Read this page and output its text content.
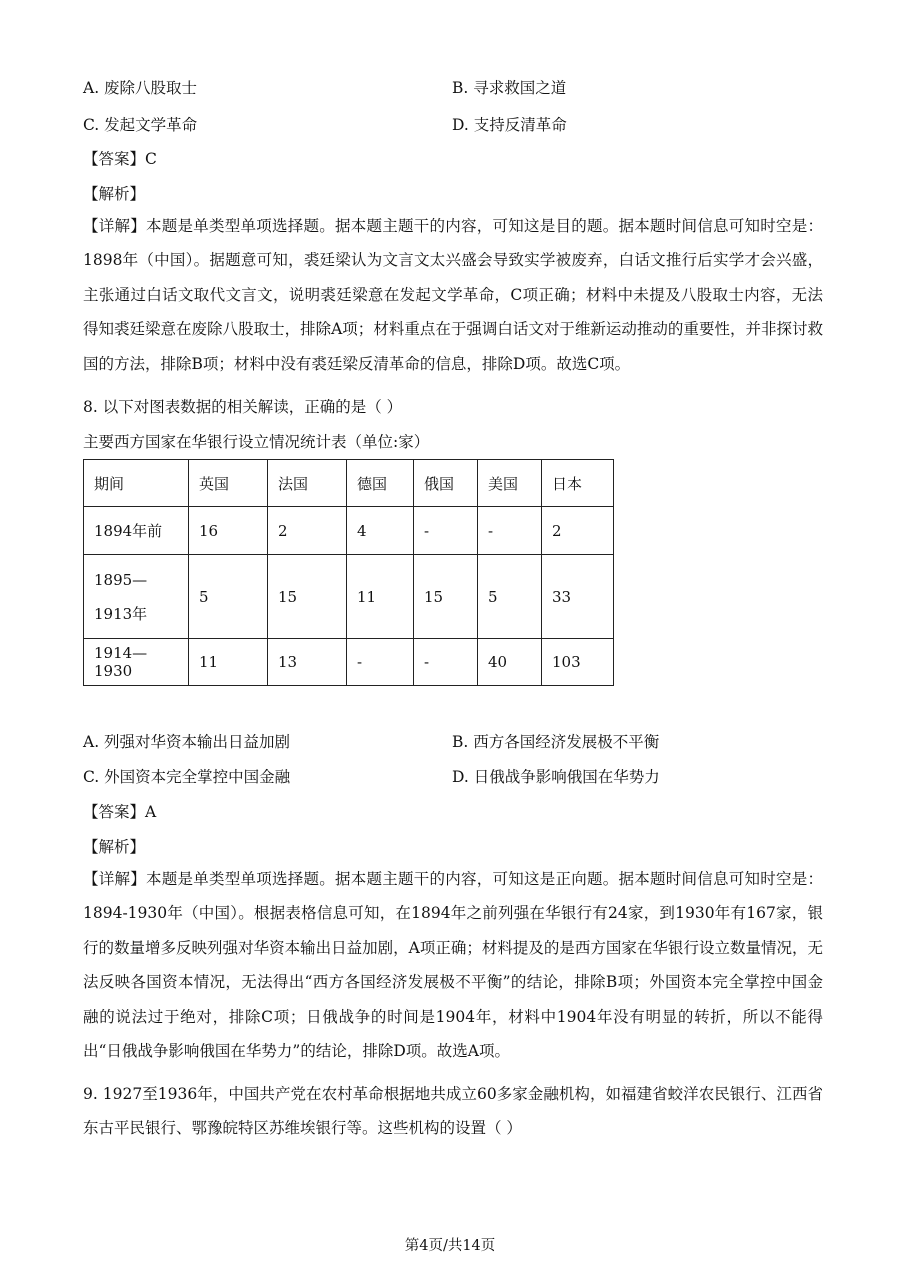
A. 废除八股取士	B. 寻求救国之道
C. 发起文学革命	D. 支持反清革命
【答案】C
【解析】
【详解】本题是单类型单项选择题。据本题主题干的内容，可知这是目的题。据本题时间信息可知时空是：1898年（中国）。据题意可知，裘廷梁认为文言文太兴盛会导致实学被废弃，白话文推行后实学才会兴盛，主张通过白话文取代文言文，说明裘廷梁意在发起文学革命，C项正确；材料中未提及八股取士内容，无法得知裘廷梁意在废除八股取士，排除A项；材料重点在于强调白话文对于维新运动推动的重要性，并非探讨救国的方法，排除B项；材料中没有裘廷梁反清革命的信息，排除D项。故选C项。
8. 以下对图表数据的相关解读，正确的是（ ）
主要西方国家在华银行设立情况统计表（单位:家）
期间	英国	法国	德国	俄国	美国	日本
1894年前	16	2	4	-	-	2
1895—1913年	5	15	11	15	5	33
1914—1930	11	13	-	-	40	103
A. 列强对华资本输出日益加剧	B. 西方各国经济发展极不平衡
C. 外国资本完全掌控中国金融	D. 日俄战争影响俄国在华势力
【答案】A
【解析】
【详解】本题是单类型单项选择题。据本题主题干的内容，可知这是正向题。据本题时间信息可知时空是：1894-1930年（中国）。根据表格信息可知，在1894年之前列强在华银行有24家，到1930年有167家，银行的数量增多反映列强对华资本输出日益加剧，A项正确；材料提及的是西方国家在华银行设立数量情况，无法反映各国资本情况，无法得出“西方各国经济发展极不平衡”的结论，排除B项；外国资本完全掌控中国金融的说法过于绝对，排除C项；日俄战争的时间是1904年，材料中1904年没有明显的转折，所以不能得出“日俄战争影响俄国在华势力”的结论，排除D项。故选A项。
9. 1927至1936年，中国共产党在农村革命根据地共成立60多家金融机构，如福建省蛟洋农民银行、江西省东古平民银行、鄂豫皖特区苏维埃银行等。这些机构的设置（ ）
第4页/共14页
